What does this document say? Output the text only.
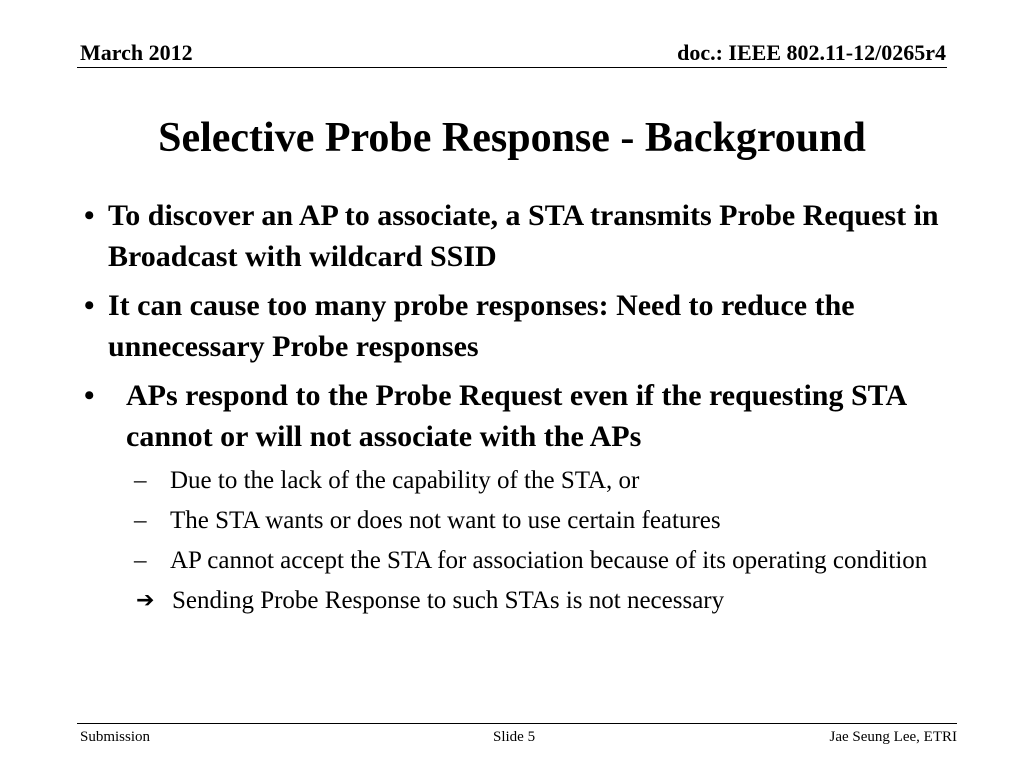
March 2012	doc.: IEEE 802.11-12/0265r4
Selective Probe Response - Background
• To discover an AP to associate, a STA transmits Probe Request in Broadcast with wildcard SSID
• It can cause too many probe responses: Need to reduce the unnecessary Probe responses
•	APs respond to the Probe Request even if the requesting STA cannot or will not associate with the APs
– Due to the lack of the capability of the STA, or
– The STA wants or does not want to use certain features
– AP cannot accept the STA for association because of its operating condition
➔ Sending Probe Response to such STAs is not necessary
Submission	Slide 5	Jae Seung Lee, ETRI
